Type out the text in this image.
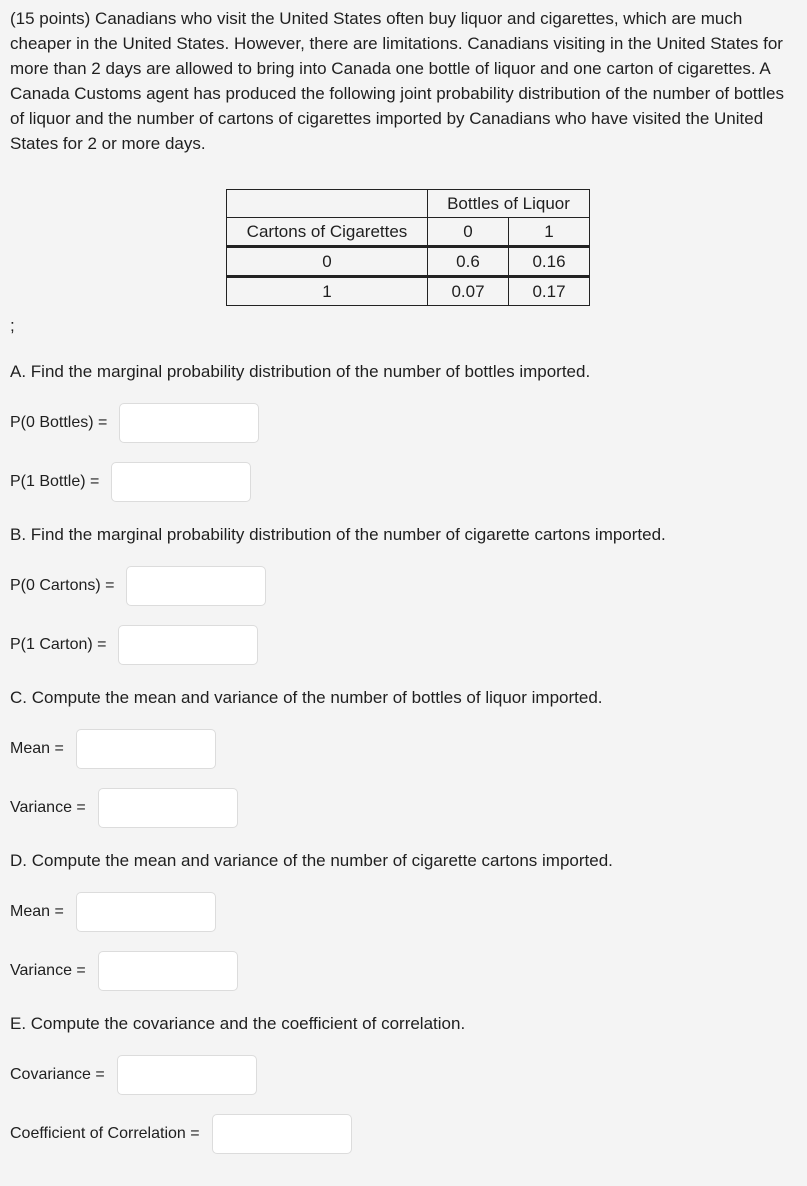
(15 points) Canadians who visit the United States often buy liquor and cigarettes, which are much cheaper in the United States. However, there are limitations. Canadians visiting in the United States for more than 2 days are allowed to bring into Canada one bottle of liquor and one carton of cigarettes. A Canada Customs agent has produced the following joint probability distribution of the number of bottles of liquor and the number of cartons of cigarettes imported by Canadians who have visited the United States for 2 or more days.

	Bottles of Liquor	
Cartons of Cigarettes	0	1
0	0.6	0.16
1	0.07	0.17
;

A. Find the marginal probability distribution of the number of bottles imported.

P(0 Bottles) =
P(1 Bottle) =

B. Find the marginal probability distribution of the number of cigarette cartons imported.

P(0 Cartons) =
P(1 Carton) =

C. Compute the mean and variance of the number of bottles of liquor imported.

Mean =
Variance =

D. Compute the mean and variance of the number of cigarette cartons imported.

Mean =
Variance =

E. Compute the covariance and the coefficient of correlation.

Covariance =
Coefficient of Correlation =
